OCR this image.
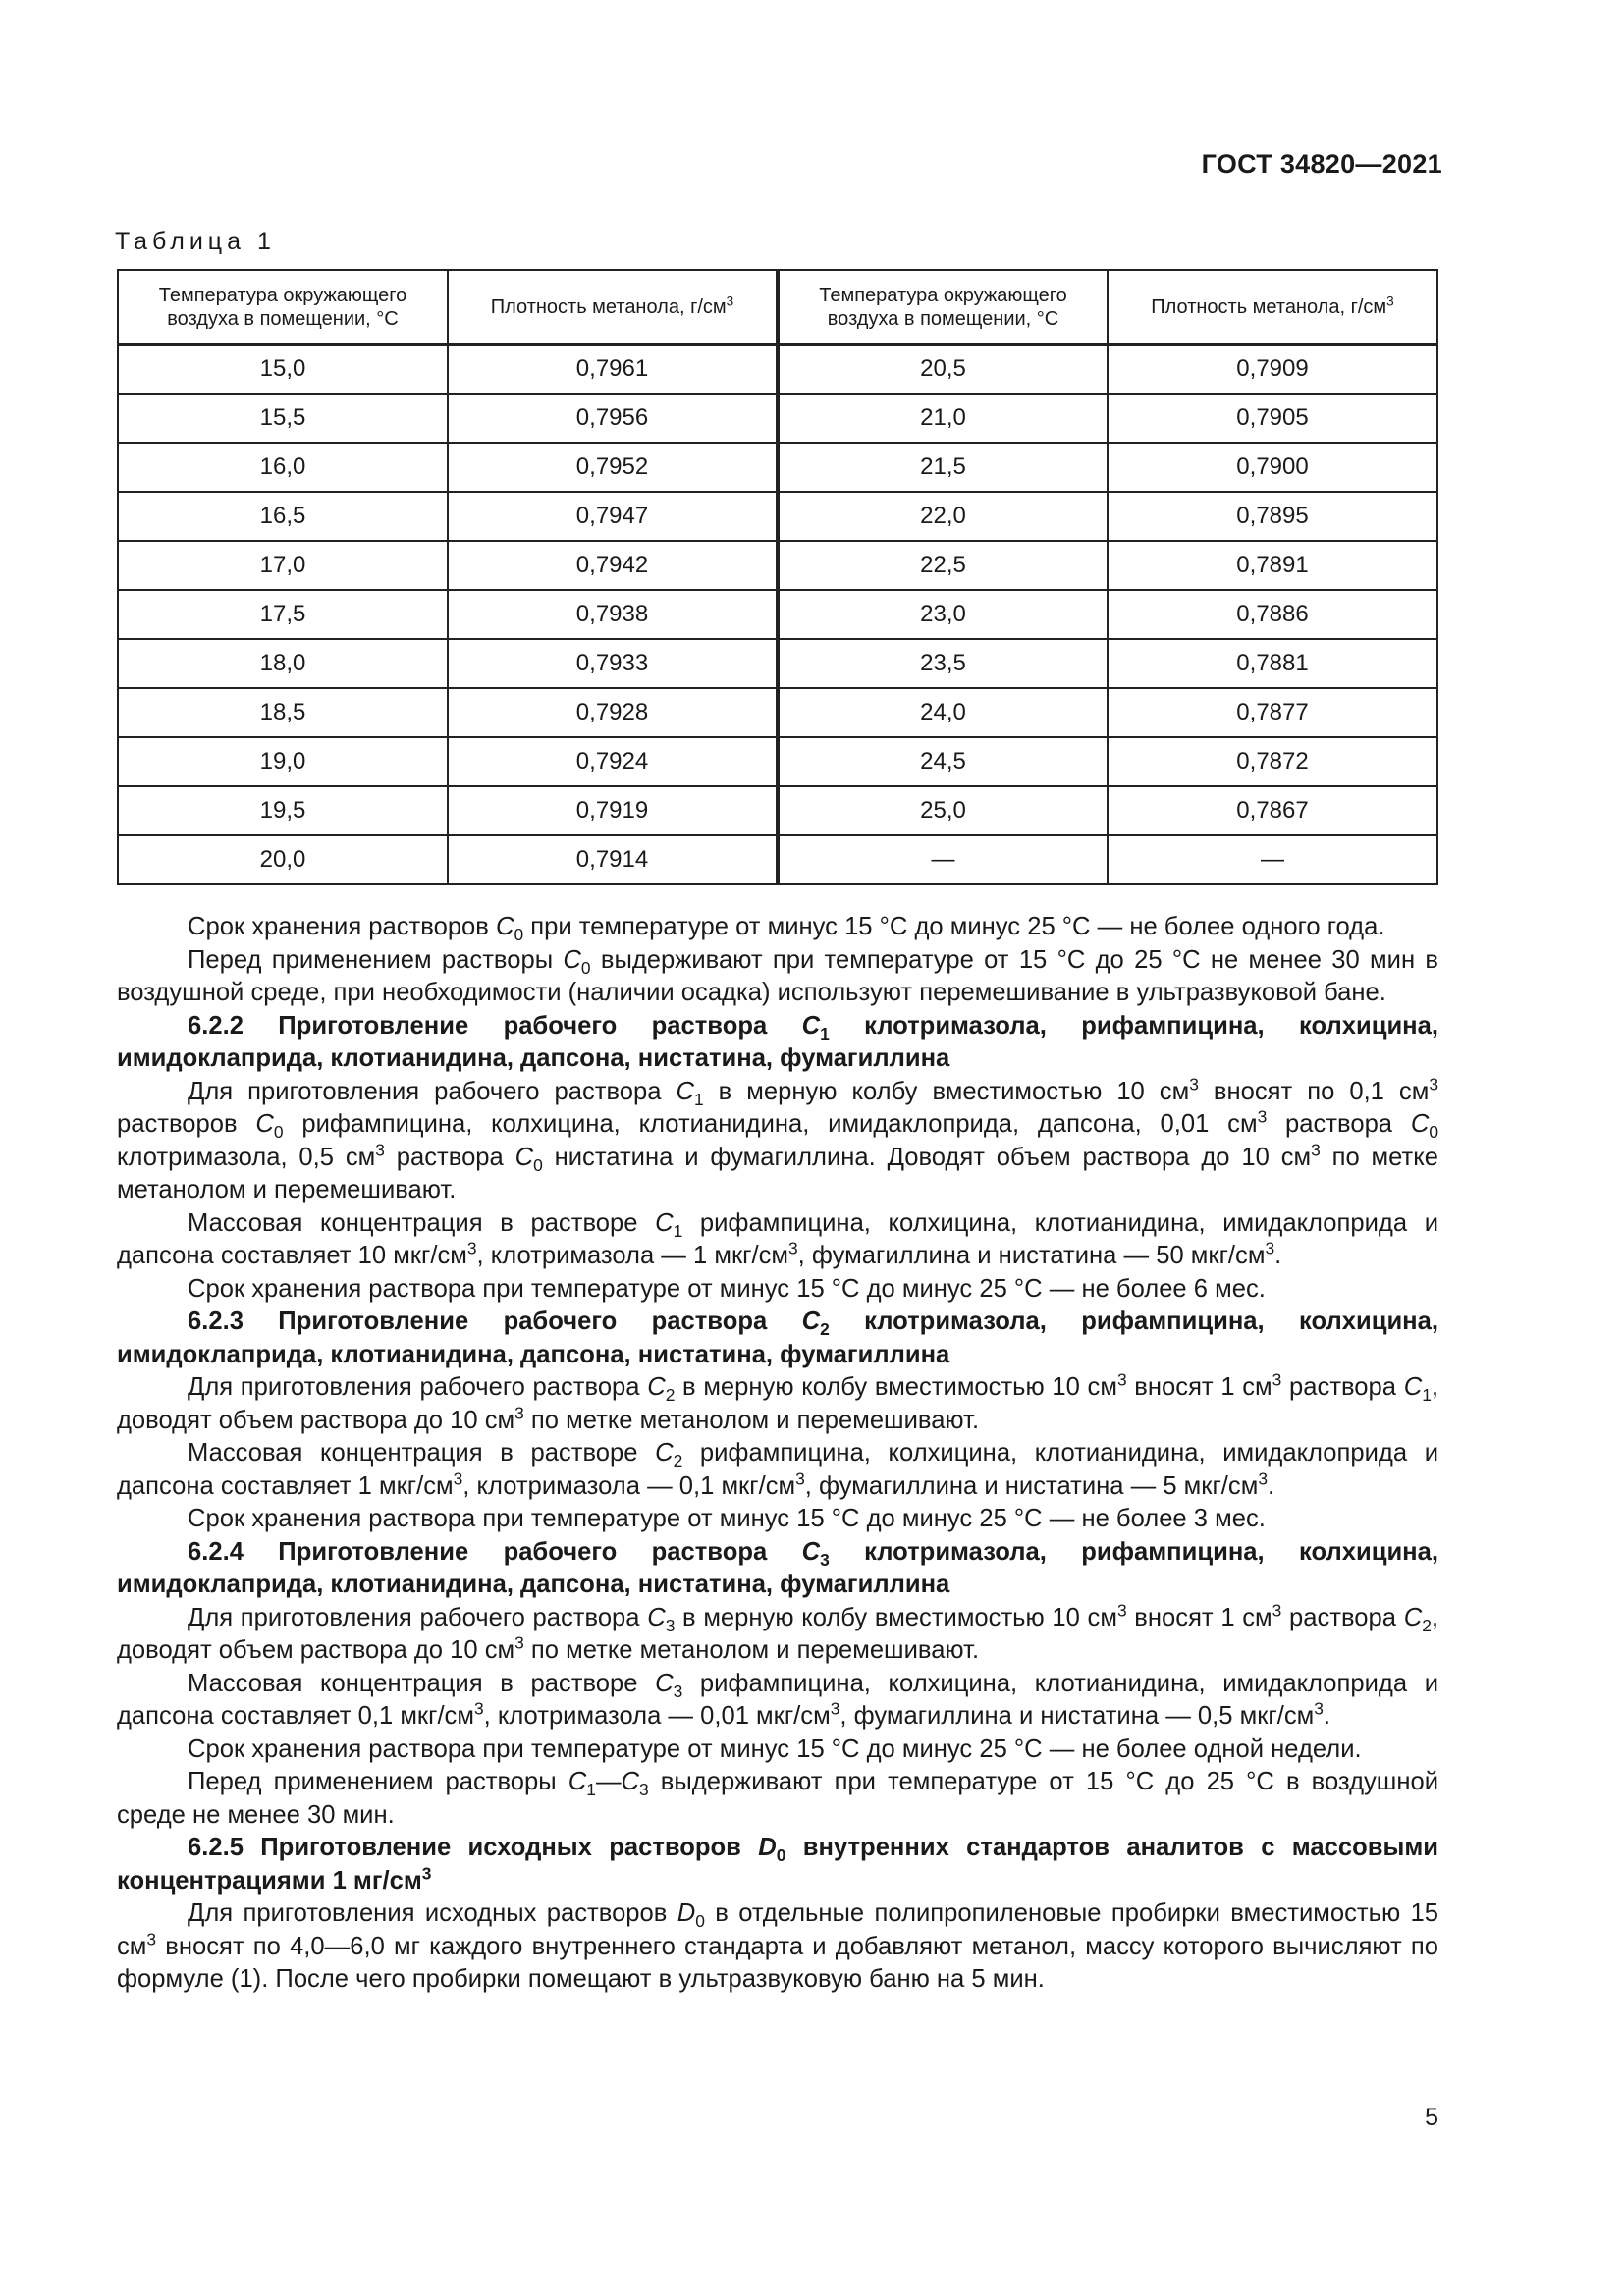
ГОСТ 34820—2021
Таблица 1
Температура окружающего воздуха в помещении, °С	Плотность метанола, $г/см^3$	Температура окружающего воздуха в помещении, °С	Плотность метанола, $г/см^3$
15,0	0,7961	20,5	0,7909
15,5	0,7956	21,0	0,7905
16,0	0,7952	21,5	0,7900
16,5	0,7947	22,0	0,7895
17,0	0,7942	22,5	0,7891
17,5	0,7938	23,0	0,7886
18,0	0,7933	23,5	0,7881
18,5	0,7928	24,0	0,7877
19,0	0,7924	24,5	0,7872
19,5	0,7919	25,0	0,7867
20,0	0,7914	—	—

Срок хранения растворов $С_0$ при температуре от минус 15 °С до минус 25 °С — не более одного года.

Перед применением растворы $С_0$ выдерживают при температуре от 15 °С до 25 °С не менее 30 мин в воздушной среде, при необходимости (наличии осадка) используют перемешивание в ультразвуковой бане.

6.2.2 Приготовление рабочего раствора $С_1$ клотримазола, рифампицина, колхицина, имидоклаприда, клотианидина, дапсона, нистатина, фумагиллина

Для приготовления рабочего раствора $С_1$ в мерную колбу вместимостью 10 $см^3$ вносят по 0,1 $см^3$ растворов $С_0$ рифампицина, колхицина, клотианидина, имидаклоприда, дапсона, 0,01 $см^3$ раствора $С_0$ клотримазола, 0,5 $см^3$ раствора $С_0$ нистатина и фумагиллина. Доводят объем раствора до 10 $см^3$ по метке метанолом и перемешивают.

Массовая концентрация в растворе $С_1$ рифампицина, колхицина, клотианидина, имидаклоприда и дапсона составляет 10 мкг/$см^3$, клотримазола — 1 мкг/$см^3$, фумагиллина и нистатина — 50 мкг/$см^3$.

Срок хранения раствора при температуре от минус 15 °С до минус 25 °С — не более 6 мес.

6.2.3 Приготовление рабочего раствора $С_2$ клотримазола, рифампицина, колхицина, имидоклаприда, клотианидина, дапсона, нистатина, фумагиллина

Для приготовления рабочего раствора $С_2$ в мерную колбу вместимостью 10 $см^3$ вносят 1 $см^3$ раствора $С_1$, доводят объем раствора до 10 $см^3$ по метке метанолом и перемешивают.

Массовая концентрация в растворе $С_2$ рифампицина, колхицина, клотианидина, имидаклоприда и дапсона составляет 1 мкг/$см^3$, клотримазола — 0,1 мкг/$см^3$, фумагиллина и нистатина — 5 мкг/$см^3$.

Срок хранения раствора при температуре от минус 15 °С до минус 25 °С — не более 3 мес.

6.2.4 Приготовление рабочего раствора $С_3$ клотримазола, рифампицина, колхицина, имидоклаприда, клотианидина, дапсона, нистатина, фумагиллина

Для приготовления рабочего раствора $С_3$ в мерную колбу вместимостью 10 $см^3$ вносят 1 $см^3$ раствора $С_2$, доводят объем раствора до 10 $см^3$ по метке метанолом и перемешивают.

Массовая концентрация в растворе $С_3$ рифампицина, колхицина, клотианидина, имидаклоприда и дапсона составляет 0,1 мкг/$см^3$, клотримазола — 0,01 мкг/$см^3$, фумагиллина и нистатина — 0,5 мкг/$см^3$.

Срок хранения раствора при температуре от минус 15 °С до минус 25 °С — не более одной недели.

Перед применением растворы $С_1—С_3$ выдерживают при температуре от 15 °С до 25 °С в воздушной среде не менее 30 мин.

6.2.5 Приготовление исходных растворов $D_0$ внутренних стандартов аналитов с массовыми концентрациями 1 $мг/см^3$

Для приготовления исходных растворов $D_0$ в отдельные полипропиленовые пробирки вместимостью 15 $см^3$ вносят по 4,0—6,0 мг каждого внутреннего стандарта и добавляют метанол, массу которого вычисляют по формуле (1). После чего пробирки помещают в ультразвуковую баню на 5 мин.

5
